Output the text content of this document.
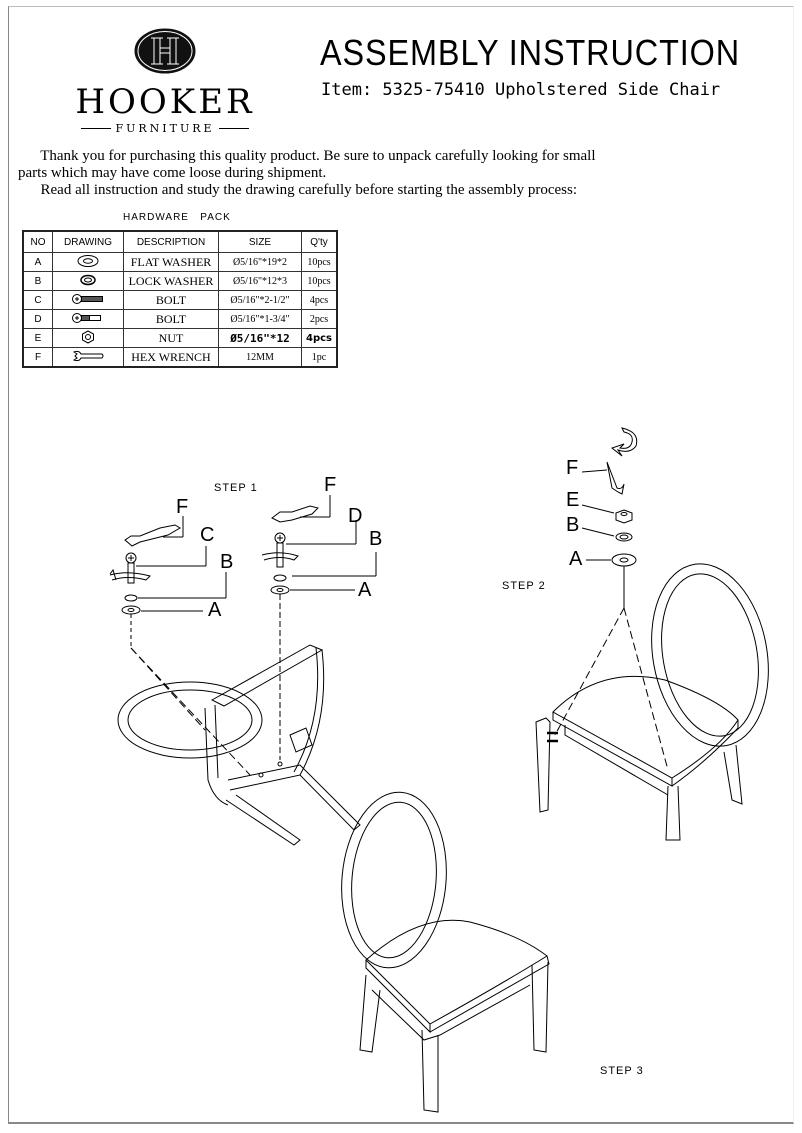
HOOKER
FURNITURE
ASSEMBLY INSTRUCTION
Item: 5325-75410 Upholstered Side Chair
Thank you for purchasing this quality product. Be sure to unpack carefully looking for small
parts which may have come loose during shipment.
Read all instruction and study the drawing carefully before starting the assembly process:
HARDWARE   PACK
NO	DRAWING	DESCRIPTION	SIZE	Q'ty
A		FLAT WASHER	Ø5/16"*19*2	10pcs
B		LOCK WASHER	Ø5/16"*12*3	10pcs
C		BOLT	Ø5/16"*2-1/2"	4pcs
D		BOLT	Ø5/16"*1-3/4"	2pcs
E		NUT	Ø5/16"*12	4pcs
F		HEX WRENCH	12MM	1pc
STEP 1
F
C
B
A
F
D
B
A	STEP 2
F
E
B
A
STEP 3
